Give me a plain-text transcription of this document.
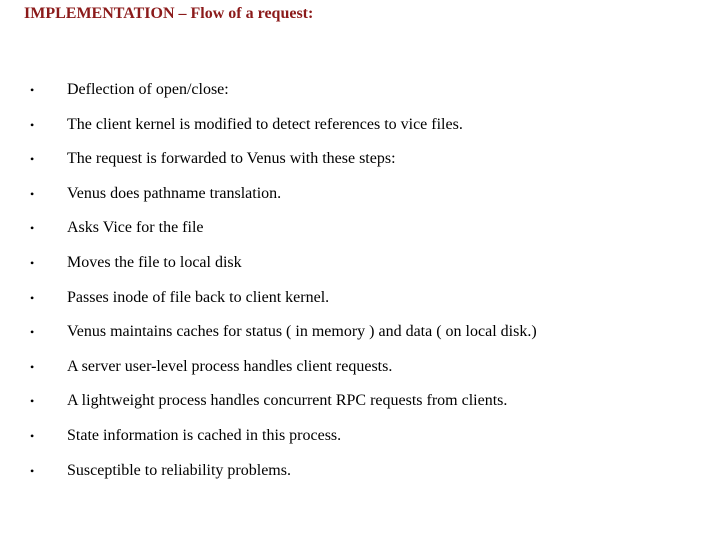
IMPLEMENTATION – Flow of a request:
•	Deflection of open/close:
•	The client kernel is modified to detect references to vice files.
•	The request is forwarded to Venus with these steps:
•	Venus does pathname translation.
•	Asks Vice for the file
•	Moves the file to local disk
•	Passes inode of file back to client kernel.
•	Venus maintains caches for status ( in memory ) and data ( on local disk.)
•	A server user-level process handles client requests.
•	A lightweight process handles concurrent RPC requests from clients.
•	State information is cached in this process.
•	Susceptible to reliability problems.
